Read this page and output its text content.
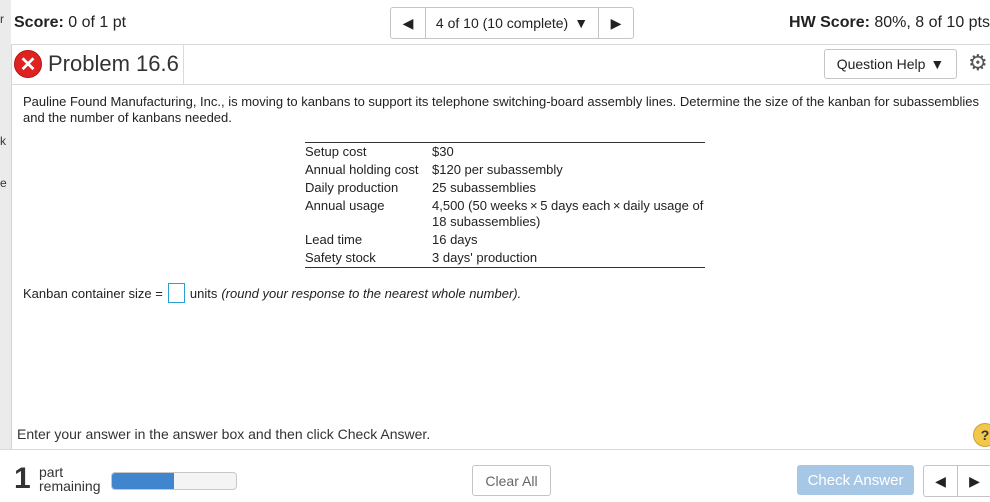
r
k
e
Score: 0 of 1 pt	◀ 4 of 10 (10 complete) ▼ ▶	HW Score: 80%, 8 of 10 pts
✕ Problem 16.6	Question Help ▼ ⚙
Pauline Found Manufacturing, Inc., is moving to kanbans to support its telephone switching-board assembly lines. Determine the size of the kanban for subassemblies and the number of kanbans needed.
Setup cost	$30
Annual holding cost	$120 per subassembly
Daily production	25 subassemblies
Annual usage	4,500 (50 weeks × 5 days each × daily usage of 18 subassemblies)
Lead time	16 days
Safety stock	3 days' production
Kanban container size = units (round your response to the nearest whole number).
Enter your answer in the answer box and then click Check Answer.	?
1 part
remaining	Clear All	Check Answer	◀	▶
